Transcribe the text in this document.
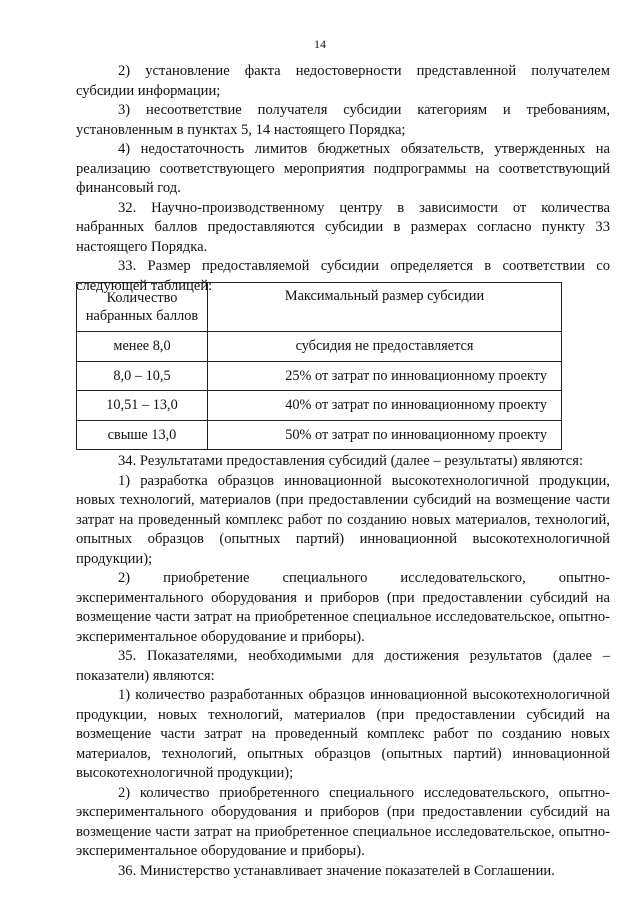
14

2) установление факта недостоверности представленной получателем субсидии информации;

3) несоответствие получателя субсидии категориям и требованиям, установленным в пунктах 5, 14 настоящего Порядка;

4) недостаточность лимитов бюджетных обязательств, утвержденных на реализацию соответствующего мероприятия подпрограммы на соответствующий финансовый год.

32. Научно-производственному центру в зависимости от количества набранных баллов предоставляются субсидии в размерах согласно пункту 33 настоящего Порядка.

33. Размер предоставляемой субсидии определяется в соответствии со следующей таблицей:

Количество набранных баллов	Максимальный размер субсидии
менее 8,0	субсидия не предоставляется
8,0 – 10,5	25% от затрат по инновационному проекту
10,51 – 13,0	40% от затрат по инновационному проекту
свыше 13,0	50% от затрат по инновационному проекту

34. Результатами предоставления субсидий (далее – результаты) являются:

1) разработка образцов инновационной высокотехнологичной продукции, новых технологий, материалов (при предоставлении субсидий на возмещение части затрат на проведенный комплекс работ по созданию новых материалов, технологий, опытных образцов (опытных партий) инновационной высокотехнологичной продукции);

2) приобретение специального исследовательского, опытно-экспериментального оборудования и приборов (при предоставлении субсидий на возмещение части затрат на приобретенное специальное исследовательское, опытно-экспериментальное оборудование и приборы).

35. Показателями, необходимыми для достижения результатов (далее – показатели) являются:

1) количество разработанных образцов инновационной высокотехнологичной продукции, новых технологий, материалов (при предоставлении субсидий на возмещение части затрат на проведенный комплекс работ по созданию новых материалов, технологий, опытных образцов (опытных партий) инновационной высокотехнологичной продукции);

2) количество приобретенного специального исследовательского, опытно-экспериментального оборудования и приборов (при предоставлении субсидий на возмещение части затрат на приобретенное специальное исследовательское, опытно-экспериментальное оборудование и приборы).

36. Министерство устанавливает значение показателей в Соглашении.
